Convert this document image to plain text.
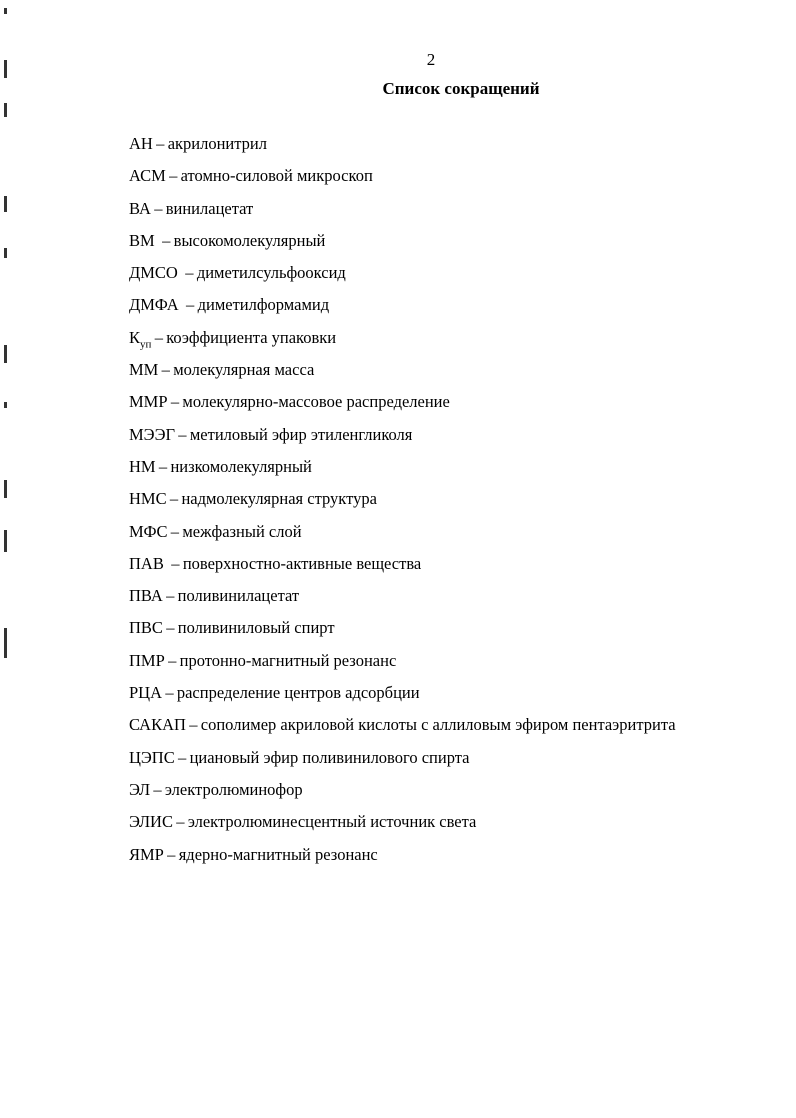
2
Список сокращений
АН – акрилонитрил
АСМ – атомно-силовой микроскоп
ВА – винилацетат
ВМ – высокомолекулярный
ДМСО – диметилсульфооксид
ДМФА – диметилформамид
$К_{уп}$ – коэффициента упаковки
ММ – молекулярная масса
ММР – молекулярно-массовое распределение
МЭЭГ – метиловый эфир этиленгликоля
НМ – низкомолекулярный
НМС – надмолекулярная структура
МФС – межфазный слой
ПАВ – поверхностно-активные вещества
ПВА – поливинилацетат
ПВС – поливиниловый спирт
ПМР – протонно-магнитный резонанс
РЦА – распределение центров адсорбции
САКАП – сополимер акриловой кислоты с аллиловым эфиром пентаэритрита
ЦЭПС – циановый эфир поливинилового спирта
ЭЛ – электролюминофор
ЭЛИС – электролюминесцентный источник света
ЯМР – ядерно-магнитный резонанс
